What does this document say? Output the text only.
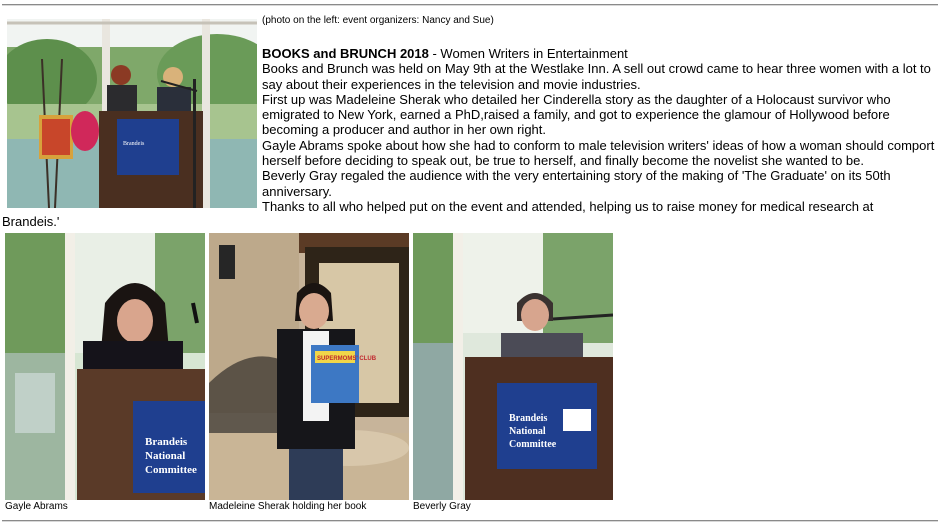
Brandeis
(photo on the left: event organizers: Nancy and Sue)

BOOKS and BRUNCH 2018 - Women Writers in Entertainment

Books and Brunch was held on May 9th at the Westlake Inn. A sell out crowd came to hear three women with a lot to say about their experiences in the television and movie industries.

First up was Madeleine Sherak who detailed her Cinderella story as the daughter of a Holocaust survivor who emigrated to New York, earned a PhD,raised a family, and got to experience the glamour of Hollywood before becoming a producer and author in her own right.

Gayle Abrams spoke about how she had to conform to male television writers' ideas of how a woman should comport herself before deciding to speak out, be true to herself, and finally become the novelist she wanted to be.

Beverly Gray regaled the audience with the very entertaining story of the making of 'The Graduate' on its 50th anniversary.

Thanks to all who helped put on the event and attended, helping us to raise money for medical research at

Brandeis.'
Brandeis
National
Committee
SUPERMOMS' CLUB
Brandeis
National
Committee
Gayle Abrams	Madeleine Sherak holding her book	Beverly Gray
